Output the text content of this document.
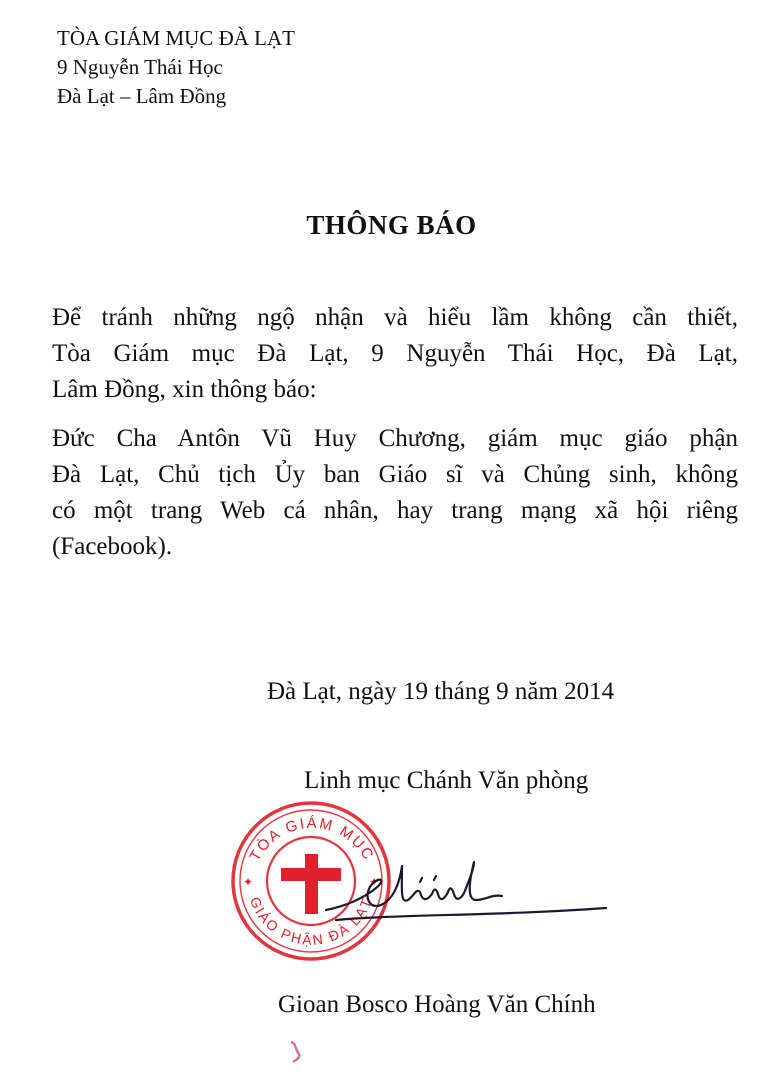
TÒA GIÁM MỤC ĐÀ LẠT
9 Nguyễn Thái Học
Đà Lạt – Lâm Đồng
THÔNG BÁO
Để tránh những ngộ nhận và hiểu lầm không cần thiết,
Tòa Giám mục Đà Lạt, 9 Nguyễn Thái Học, Đà Lạt,
Lâm Đồng, xin thông báo:
Đức Cha Antôn Vũ Huy Chương, giám mục giáo phận
Đà Lạt, Chủ tịch Ủy ban Giáo sĩ và Chủng sinh, không
có một trang Web cá nhân, hay trang mạng xã hội riêng
(Facebook).
Đà Lạt, ngày 19 tháng 9 năm 2014
Linh mục Chánh Văn phòng
TÒA GIÁM MỤC
GIÁO PHẬN ĐÀ LẠT
✦	✦
Gioan Bosco Hoàng Văn Chính
